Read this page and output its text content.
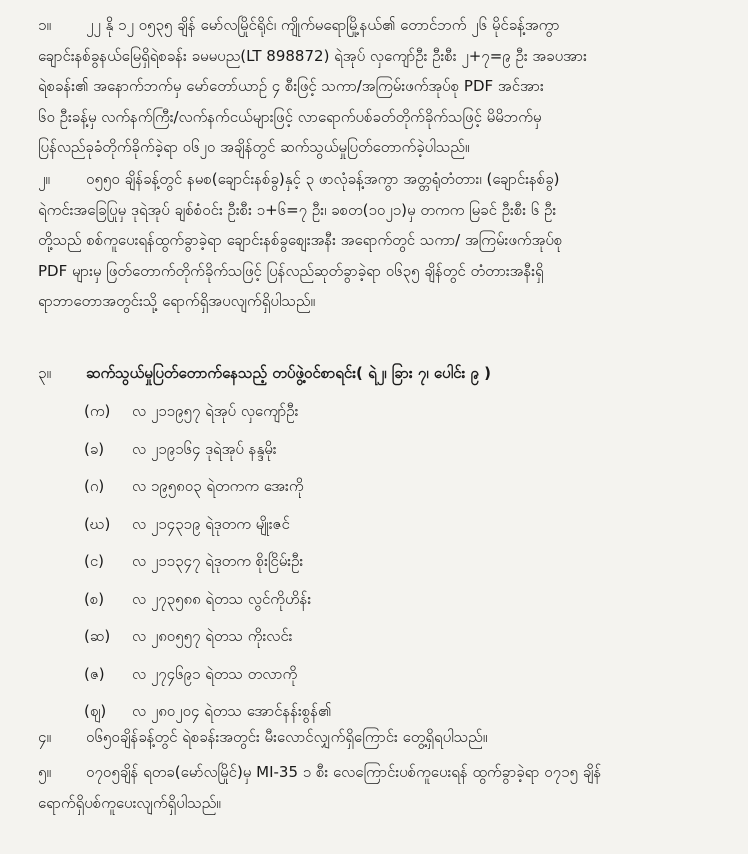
၁။ ၂၂ နို ၁၂ ၀၅၃၅ ချိန် မော်လမြိုင်ရိုင်၊ ကျိုက်မရောမြို့နယ်၏ တောင်ဘက် ၂၆ မိုင်ခန့်အကွာ
ချောင်းနစ်ခွနယ်မြေရှိရဲစခန်း ခမမပည(LT 898872) ရဲအုပ် လှကျော်ဦး ဦးစီး ၂+၇=၉ ဦး အခပအား
ရဲစခန်း၏ အနောက်ဘက်မှ မော်တော်ယာဉ် ၄ စီးဖြင့် သကာ/အကြမ်းဖက်အုပ်စု PDF အင်အား
၆၀ ဦးခန့်မှ လက်နက်ကြီး/လက်နက်ငယ်များဖြင့် လာရောက်ပစ်ခတ်တိုက်ခိုက်သဖြင့် မိမိဘက်မှ
ပြန်လည်ခုခံတိုက်ခိုက်ခဲ့ရာ ၀၆၂၀ အချိန်တွင် ဆက်သွယ်မှုပြတ်တောက်ခဲ့ပါသည်။
၂။ ၀၅၅၀ ချိန်ခန့်တွင် နမစ(ချောင်းနစ်ခွ)နှင့် ၃ ဖာလုံခန့်အကွာ အတ္တရုံတံတား၊ (ချောင်းနစ်ခွ)
ရဲကင်းအခြေပြုမှ ဒုရဲအုပ် ချစ်စံဝင်း ဦးစီး ၁+၆=၇ ဦး၊ ခစတ(၁၀၂၁)မှ တကက မြခင် ဦးစီး ၆ ဦး
တို့သည် စစ်ကူပေးရန်ထွက်ခွာခဲ့ရာ ချောင်းနစ်ခွစျေးအနီး အရောက်တွင် သကာ/ အကြမ်းဖက်အုပ်စု
PDF များမှ ဖြတ်တောက်တိုက်ခိုက်သဖြင့် ပြန်လည်ဆုတ်ခွာခဲ့ရာ ၀၆၃၅ ချိန်တွင် တံတားအနီးရှိ
ရာဘာတောအတွင်းသို့ ရောက်ရှိအပလျက်ရှိပါသည်။
၃။ ဆက်သွယ်မှုပြတ်တောက်နေသည့် တပ်ဖွဲ့ဝင်စာရင်း( ရဲ၂၊ ခြား ၇၊ ပေါင်း ၉ )
(က) လ ၂၁၁၉၅၇ ရဲအုပ် လှကျော်ဦး
(ခ) လ ၂၁၉၁၆၄ ဒုရဲအုပ် နန္ဒမိုး
(ဂ) လ ၁၉၅၈၀၃ ရဲတကက အေးကို
(ဃ) လ ၂၁၄၃၁၉ ရဲဒုတက မျိုးဇင်
(င) လ ၂၁၁၃၄၇ ရဲဒုတက စိုးငြိမ်းဦး
(စ) လ ၂၇၃၅၈၈ ရဲတသ လွင်ကိုဟိန်း
(ဆ) လ ၂၈၀၅၅၇ ရဲတသ ကိုးလင်း
(ဇ) လ ၂၇၄၆၉၁ ရဲတသ တလာကို
(ဈ) လ ၂၈၀၂၀၄ ရဲတသ အောင်နန်းစွန်၏
၄။ ၀၆၅၀ချိန်ခန့်တွင် ရဲစခန်းအတွင်း မီးလောင်လျှက်ရှိကြောင်း တွေ့ရှိရပါသည်။
၅။ ၀၇၀၅ချိန် ရတခ(မော်လမြိုင်)မှ MI-35 ၁ စီး လေကြောင်းပစ်ကူပေးရန် ထွက်ခွာခဲ့ရာ ၀၇၁၅ ချိန်
ရောက်ရှိပစ်ကူပေးလျက်ရှိပါသည်။
